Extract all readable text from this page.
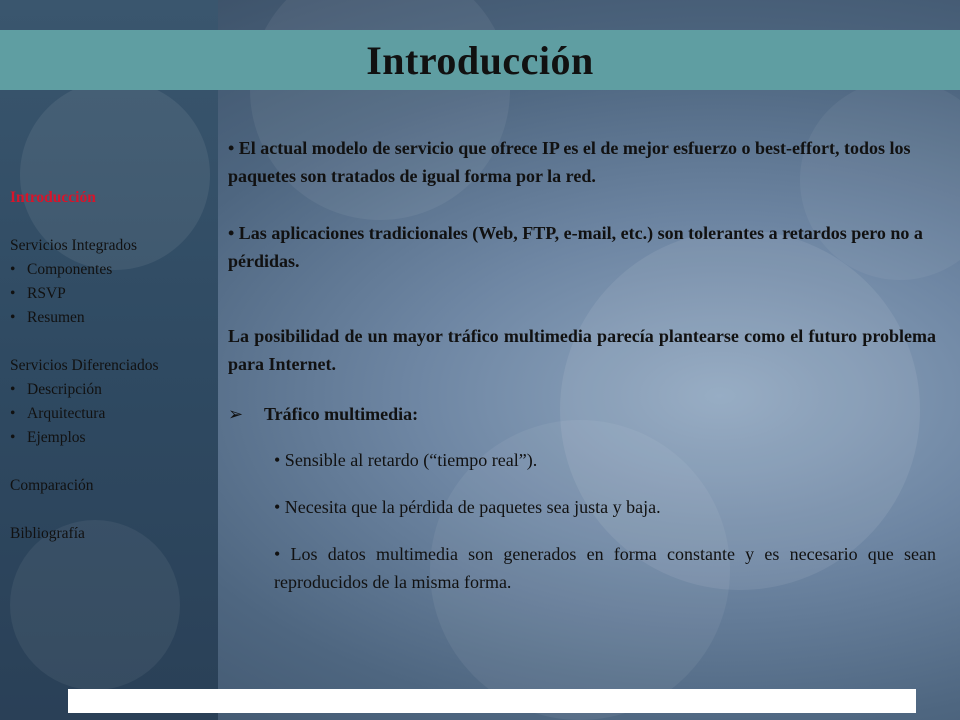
Introducción
Introducción
Servicios Integrados
• Componentes
• RSVP
• Resumen
Servicios Diferenciados
• Descripción
• Arquitectura
• Ejemplos
Comparación
Bibliografía

• El actual modelo de servicio que ofrece IP es el de mejor esfuerzo o best-effort, todos los paquetes son tratados de igual forma por la red.

• Las aplicaciones tradicionales (Web, FTP, e-mail, etc.) son tolerantes a retardos pero no a pérdidas.

La posibilidad de un mayor tráfico multimedia parecía plantearse como el futuro problema para Internet.

➢	Tráfico multimedia:
• Sensible al retardo (“tiempo real”).
• Necesita que la pérdida de paquetes sea justa y baja.
• Los datos multimedia son generados en forma constante y es necesario que sean reproducidos de la misma forma.
